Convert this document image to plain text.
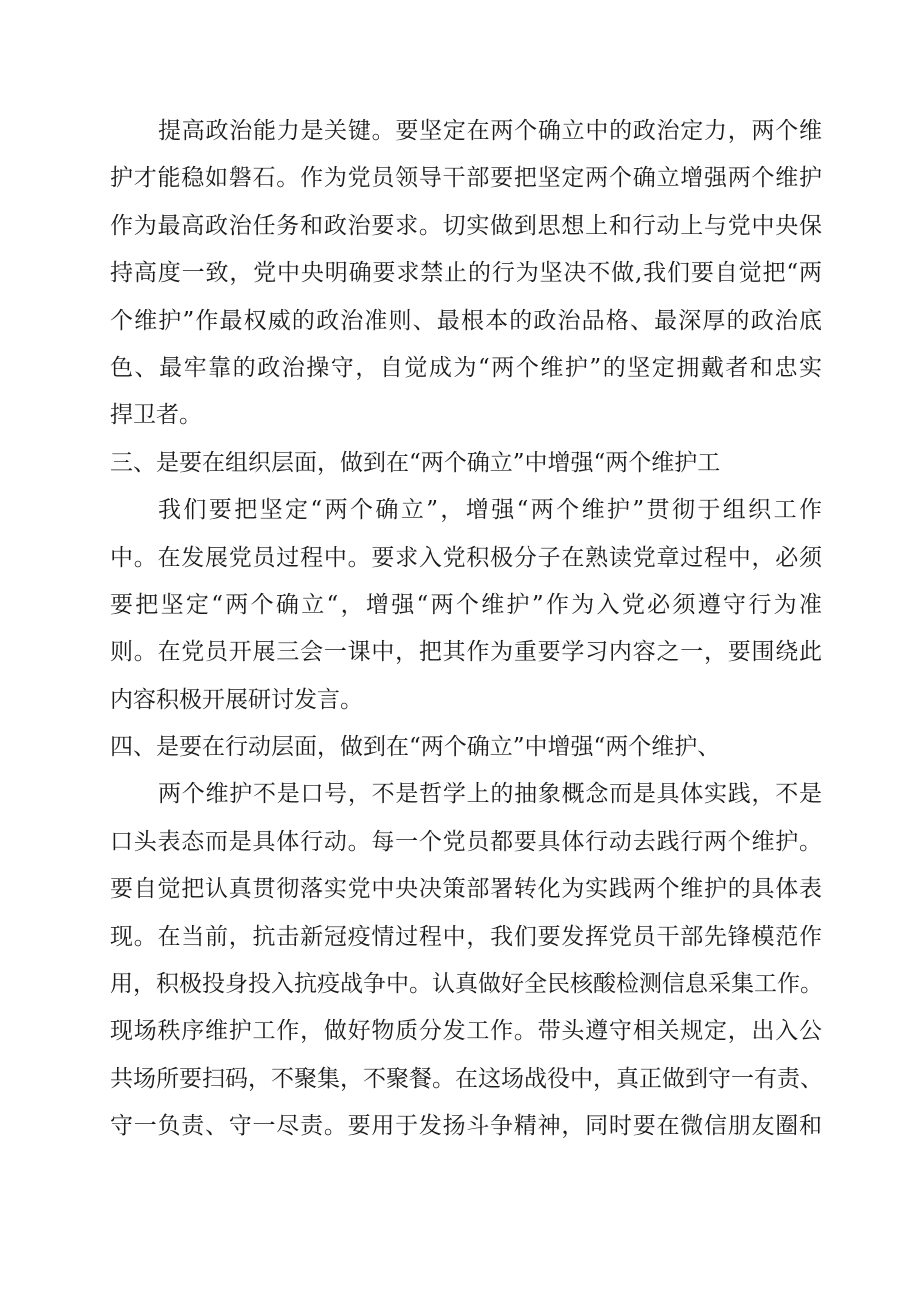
提高政治能力是关键。要坚定在两个确立中的政治定力，两个维
护才能稳如磐石。作为党员领导干部要把坚定两个确立增强两个维护
作为最高政治任务和政治要求。切实做到思想上和行动上与党中央保
持高度一致，党中央明确要求禁止的行为坚决不做,我们要自觉把“两
个维护”作最权威的政治准则、最根本的政治品格、最深厚的政治底
色、最牢靠的政治操守，自觉成为“两个维护”的坚定拥戴者和忠实
捍卫者。
三、是要在组织层面，做到在“两个确立”中增强“两个维护工
我们要把坚定“两个确立”，增强“两个维护”贯彻于组织工作
中。在发展党员过程中。要求入党积极分子在熟读党章过程中，必须
要把坚定“两个确立“，增强“两个维护”作为入党必须遵守行为准
则。在党员开展三会一课中，把其作为重要学习内容之一，要围绕此
内容积极开展研讨发言。
四、是要在行动层面，做到在“两个确立”中增强“两个维护、
两个维护不是口号，不是哲学上的抽象概念而是具体实践，不是
口头表态而是具体行动。每一个党员都要具体行动去践行两个维护。
要自觉把认真贯彻落实党中央决策部署转化为实践两个维护的具体表
现。在当前，抗击新冠疫情过程中，我们要发挥党员干部先锋模范作
用，积极投身投入抗疫战争中。认真做好全民核酸检测信息采集工作。
现场秩序维护工作，做好物质分发工作。带头遵守相关规定，出入公
共场所要扫码，不聚集，不聚餐。在这场战役中，真正做到守一有责、
守一负责、守一尽责。要用于发扬斗争精神，同时要在微信朋友圈和
